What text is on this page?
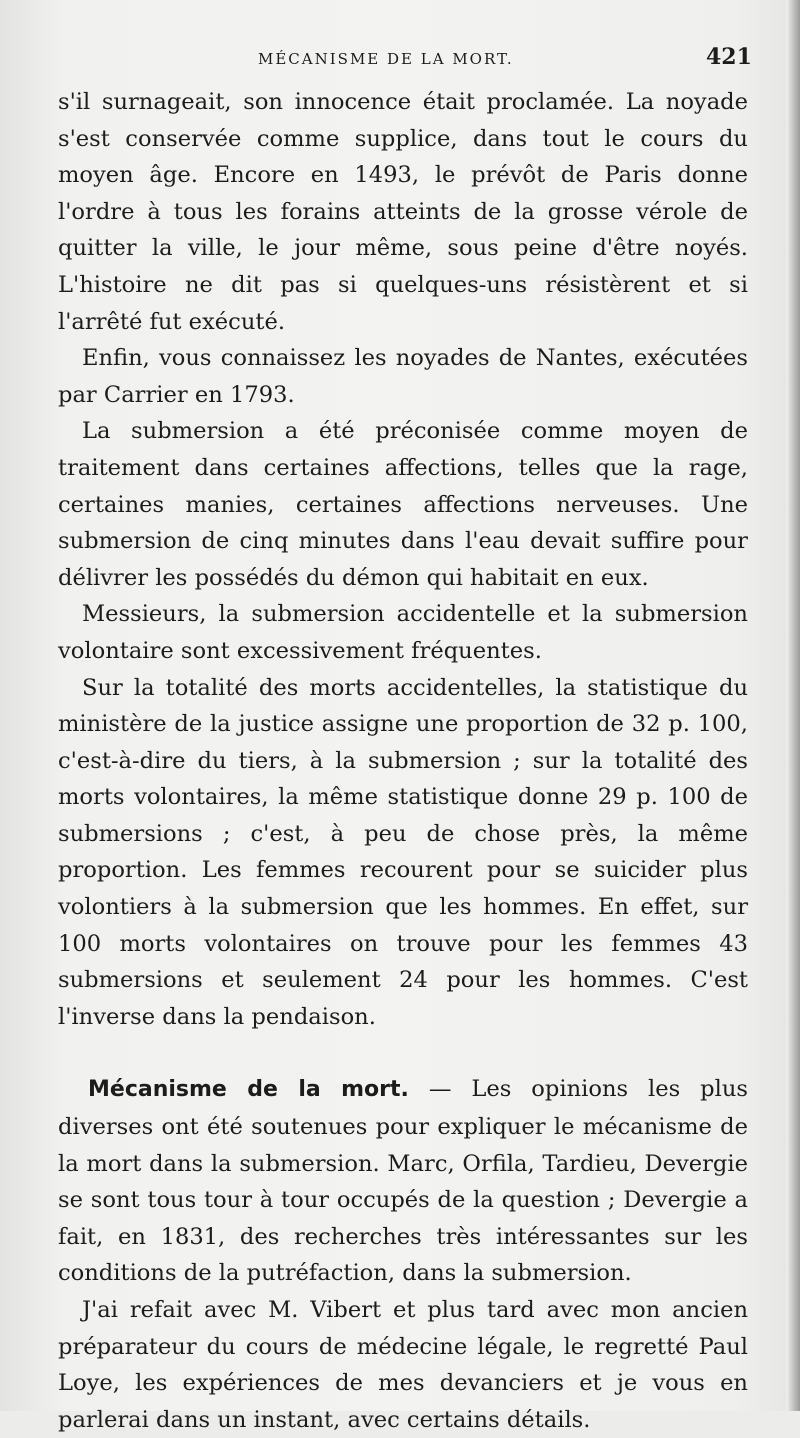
MÉCANISME DE LA MORT.	421

s'il surnageait, son innocence était proclamée. La noyade s'est conservée comme supplice, dans tout le cours du moyen âge. Encore en 1493, le prévôt de Paris donne l'ordre à tous les forains atteints de la grosse vérole de quitter la ville, le jour même, sous peine d'être noyés. L'histoire ne dit pas si quelques-uns résistèrent et si l'arrêté fut exécuté.

Enfin, vous connaissez les noyades de Nantes, exécutées par Carrier en 1793.

La submersion a été préconisée comme moyen de traitement dans certaines affections, telles que la rage, certaines manies, certaines affections nerveuses. Une submersion de cinq minutes dans l'eau devait suffire pour délivrer les possédés du démon qui habitait en eux.

Messieurs, la submersion accidentelle et la submersion volontaire sont excessivement fréquentes.

Sur la totalité des morts accidentelles, la statistique du ministère de la justice assigne une proportion de 32 p. 100, c'est-à-dire du tiers, à la submersion ; sur la totalité des morts volontaires, la même statistique donne 29 p. 100 de submersions ; c'est, à peu de chose près, la même proportion. Les femmes recourent pour se suicider plus volontiers à la submersion que les hommes. En effet, sur 100 morts volontaires on trouve pour les femmes 43 submersions et seulement 24 pour les hommes. C'est l'inverse dans la pendaison.

Mécanisme de la mort. — Les opinions les plus diverses ont été soutenues pour expliquer le mécanisme de la mort dans la submersion. Marc, Orfila, Tardieu, Devergie se sont tous tour à tour occupés de la question ; Devergie a fait, en 1831, des recherches très intéressantes sur les conditions de la putréfaction, dans la submersion.

J'ai refait avec M. Vibert et plus tard avec mon ancien préparateur du cours de médecine légale, le regretté Paul Loye, les expériences de mes devanciers et je vous en parlerai dans un instant, avec certains détails.
